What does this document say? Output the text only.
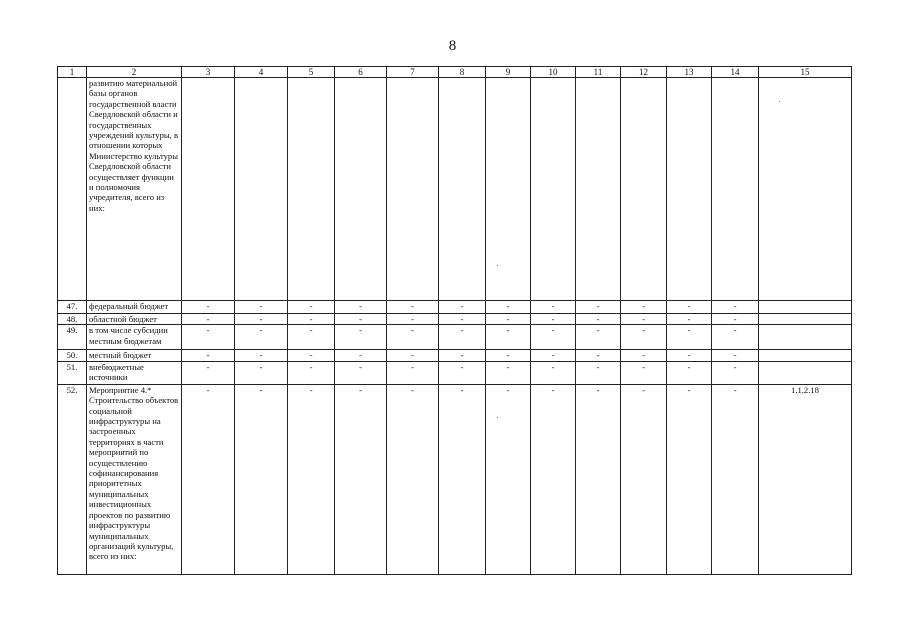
8
1	2	3	4	5	6	7	8	9	10	11	12	13	14	15
	развитию материальной базы органов государственной власти Свердловской области и государственных учреждений культуры, в отношении которых Министерство культуры Свердловской области осуществляет функции и полномочия учредителя, всего из них:													
47.	федеральный бюджет	-	-	-	-	-	-	-	-	-	-	-	-	
48.	областной бюджет	-	-	-	-	-	-	-	-	-	-	-	-	
49.	в том числе субсидии местным бюджетам	-	-	-	-	-	-	-	-	-	-	-	-	
50.	местный бюджет	-	-	-	-	-	-	-	-	-	-	-	-	
51.	внебюджетные источники	-	-	-	-	-	-	-	-	-	-	-	-	
52.	Мероприятие 4.* Строительство объектов социальной инфраструктуры на застроенных территориях в части мероприятий по осуществлению софинансирования приоритетных муниципальных инвестиционных проектов по развитию инфраструктуры муниципальных организаций культуры, всего из них:	-	-	-	-	-	-	-	-	-	-	-	-	1.1.2.18
